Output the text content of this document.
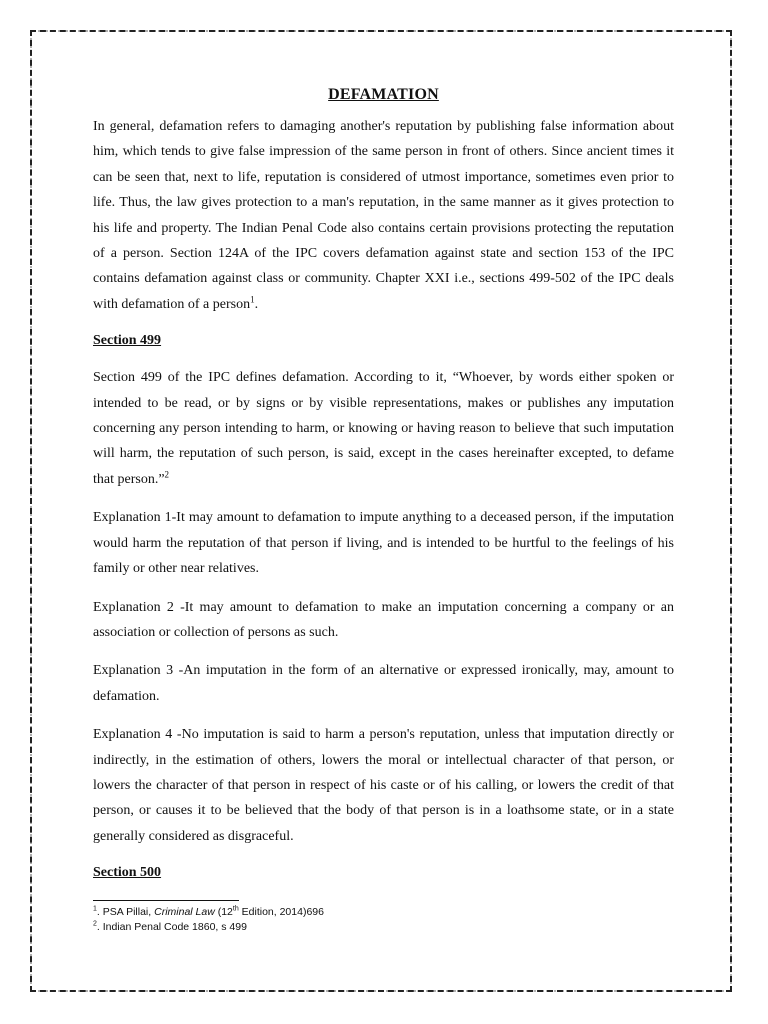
DEFAMATION

In general, defamation refers to damaging another's reputation by publishing false information about him, which tends to give false impression of the same person in front of others. Since ancient times it can be seen that, next to life, reputation is considered of utmost importance, sometimes even prior to life. Thus, the law gives protection to a man's reputation, in the same manner as it gives protection to his life and property. The Indian Penal Code also contains certain provisions protecting the reputation of a person. Section 124A of the IPC covers defamation against state and section 153 of the IPC contains defamation against class or community. Chapter XXI i.e., sections 499-502 of the IPC deals with defamation of a person$^1$.

Section 499

Section 499 of the IPC defines defamation. According to it, “Whoever, by words either spoken or intended to be read, or by signs or by visible representations, makes or publishes any imputation concerning any person intending to harm, or knowing or having reason to believe that such imputation will harm, the reputation of such person, is said, except in the cases hereinafter excepted, to defame that person.”$^2$

Explanation 1-It may amount to defamation to impute anything to a deceased person, if the imputation would harm the reputation of that person if living, and is intended to be hurtful to the feelings of his family or other near relatives.

Explanation 2 -It may amount to defamation to make an imputation concerning a company or an association or collection of persons as such.

Explanation 3 -An imputation in the form of an alternative or expressed ironically, may, amount to defamation.

Explanation 4 -No imputation is said to harm a person's reputation, unless that imputation directly or indirectly, in the estimation of others, lowers the moral or intellectual character of that person, or lowers the character of that person in respect of his caste or of his calling, or lowers the credit of that person, or causes it to be believed that the body of that person is in a loathsome state, or in a state generally considered as disgraceful.

Section 500
$^1$. PSA Pillai, Criminal Law (12th Edition, 2014)696
$^2$. Indian Penal Code 1860, s 499
